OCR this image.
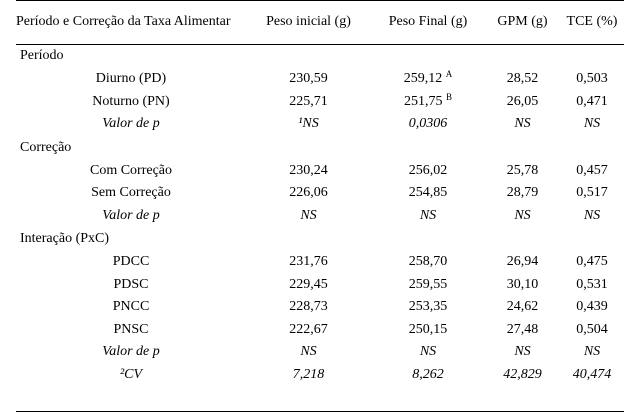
Período e Correção da Taxa Alimentar	Peso inicial (g)	Peso Final (g)	GPM (g)	TCE (%)
Período				
Diurno (PD)	230,59	259,12 $^A$	28,52	0,503
Noturno (PN)	225,71	251,75 $^B$	26,05	0,471
Valor de p	¹NS	0,0306	NS	NS
Correção				
Com Correção	230,24	256,02	25,78	0,457
Sem Correção	226,06	254,85	28,79	0,517
Valor de p	NS	NS	NS	NS
Interação (PxC)				
PDCC	231,76	258,70	26,94	0,475
PDSC	229,45	259,55	30,10	0,531
PNCC	228,73	253,35	24,62	0,439
PNSC	222,67	250,15	27,48	0,504
Valor de p	NS	NS	NS	NS
²CV	7,218	8,262	42,829	40,474
